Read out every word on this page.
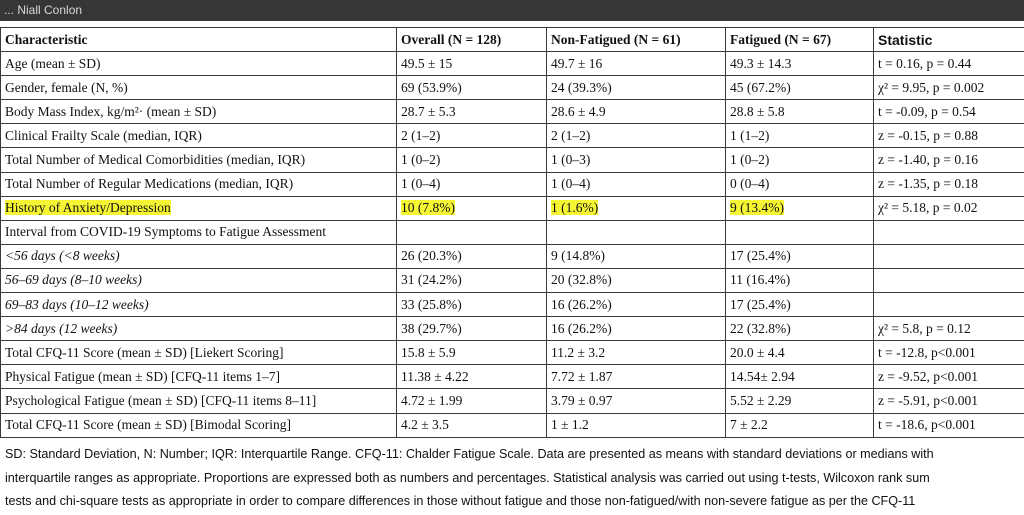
... Niall Conlon
Characteristic	Overall (N = 128)	Non-Fatigued (N = 61)	Fatigued (N = 67)	Statistic
Age (mean ± SD)	49.5 ± 15	49.7 ± 16	49.3 ± 14.3	t = 0.16, p = 0.44
Gender, female (N, %)	69 (53.9%)	24 (39.3%)	45 (67.2%)	χ² = 9.95, p = 0.002
Body Mass Index, kg/m²· (mean ± SD)	28.7 ± 5.3	28.6 ± 4.9	28.8 ± 5.8	t = -0.09, p = 0.54
Clinical Frailty Scale (median, IQR)	2 (1–2)	2 (1–2)	1 (1–2)	z = -0.15, p = 0.88
Total Number of Medical Comorbidities (median, IQR)	1 (0–2)	1 (0–3)	1 (0–2)	z = -1.40, p = 0.16
Total Number of Regular Medications (median, IQR)	1 (0–4)	1 (0–4)	0 (0–4)	z = -1.35, p = 0.18
History of Anxiety/Depression	10 (7.8%)	1 (1.6%)	9 (13.4%)	χ² = 5.18, p = 0.02
Interval from COVID-19 Symptoms to Fatigue Assessment				
<56 days (<8 weeks)	26 (20.3%)	9 (14.8%)	17 (25.4%)	
56–69 days (8–10 weeks)	31 (24.2%)	20 (32.8%)	11 (16.4%)	
69–83 days (10–12 weeks)	33 (25.8%)	16 (26.2%)	17 (25.4%)	
>84 days (12 weeks)	38 (29.7%)	16 (26.2%)	22 (32.8%)	χ² = 5.8, p = 0.12
Total CFQ-11 Score (mean ± SD) [Liekert Scoring]	15.8 ± 5.9	11.2 ± 3.2	20.0 ± 4.4	t = -12.8, p<0.001
Physical Fatigue (mean ± SD) [CFQ-11 items 1–7]	11.38 ± 4.22	7.72 ± 1.87	14.54± 2.94	z = -9.52, p<0.001
Psychological Fatigue (mean ± SD) [CFQ-11 items 8–11]	4.72 ± 1.99	3.79 ± 0.97	5.52 ± 2.29	z = -5.91, p<0.001
Total CFQ-11 Score (mean ± SD) [Bimodal Scoring]	4.2 ± 3.5	1 ± 1.2	7 ± 2.2	t = -18.6, p<0.001
SD: Standard Deviation, N: Number; IQR: Interquartile Range. CFQ-11: Chalder Fatigue Scale. Data are presented as means with standard deviations or medians with
interquartile ranges as appropriate. Proportions are expressed both as numbers and percentages. Statistical analysis was carried out using t-tests, Wilcoxon rank sum
tests and chi-square tests as appropriate in order to compare differences in those without fatigue and those non-fatigued/with non-severe fatigue as per the CFQ-11
